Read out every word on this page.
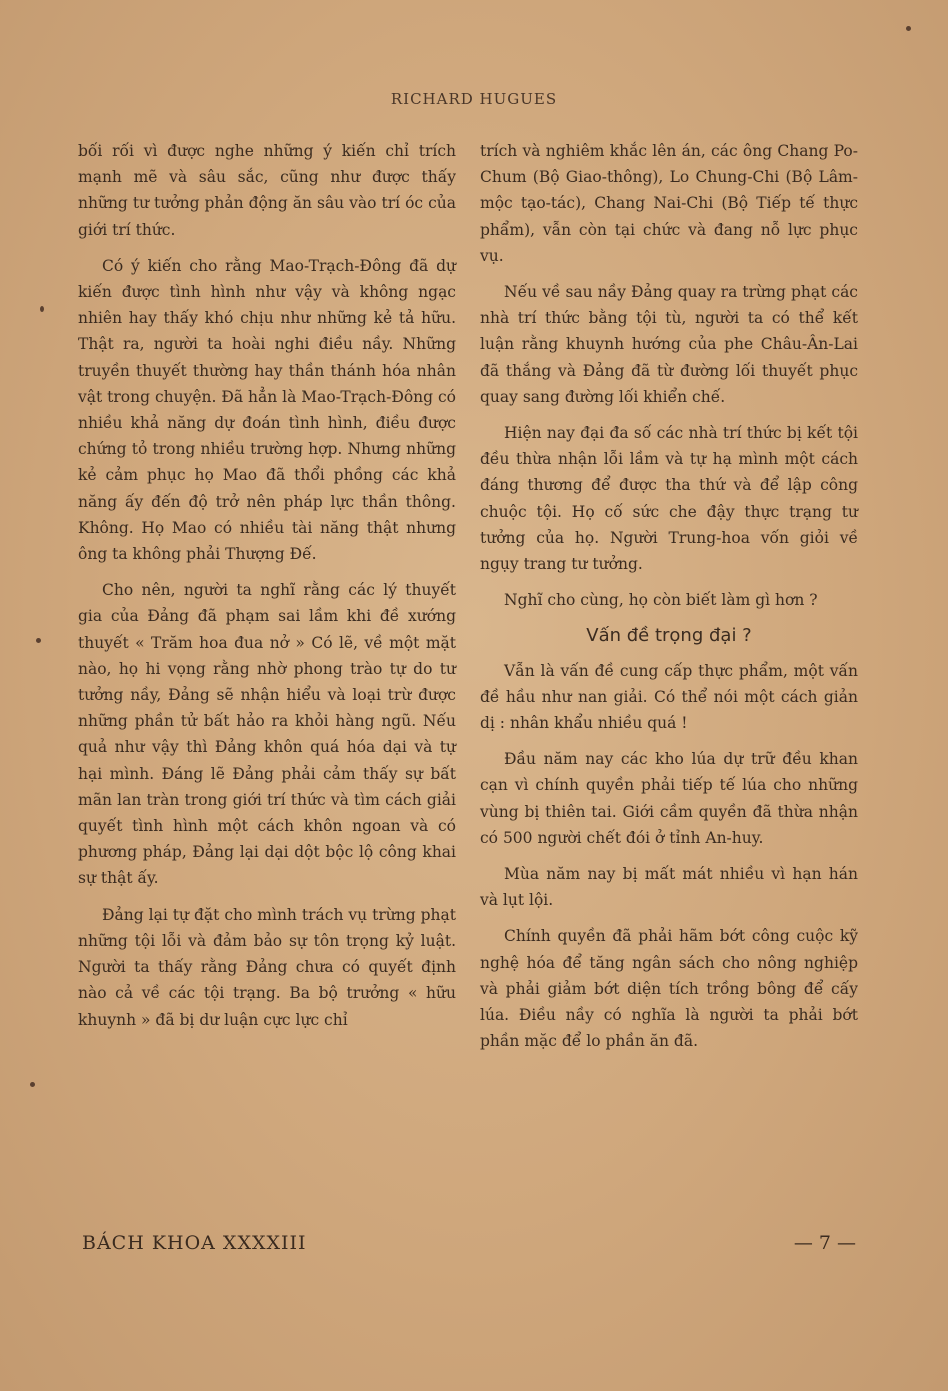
RICHARD HUGUES

bối rối vì được nghe những ý kiến chỉ trích mạnh mẽ và sâu sắc, cũng như được thấy những tư tưởng phản động ăn sâu vào trí óc của giới trí thức.

Có ý kiến cho rằng Mao-Trạch-Đông đã dự kiến được tình hình như vậy và không ngạc nhiên hay thấy khó chịu như những kẻ tả hữu. Thật ra, người ta hoài nghi điều nầy. Những truyền thuyết thường hay thần thánh hóa nhân vật trong chuyện. Đã hẳn là Mao-Trạch-Đông có nhiều khả năng dự đoán tình hình, điều được chứng tỏ trong nhiều trường hợp. Nhưng những kẻ cảm phục họ Mao đã thổi phồng các khả năng ấy đến độ trở nên pháp lực thần thông. Không. Họ Mao có nhiều tài năng thật nhưng ông ta không phải Thượng Đế.

Cho nên, người ta nghĩ rằng các lý thuyết gia của Đảng đã phạm sai lầm khi đề xướng thuyết « Trăm hoa đua nở » Có lẽ, về một mặt nào, họ hi vọng rằng nhờ phong trào tự do tư tưởng nầy, Đảng sẽ nhận hiểu và loại trừ được những phần tử bất hảo ra khỏi hàng ngũ. Nếu quả như vậy thì Đảng khôn quá hóa dại và tự hại mình. Đáng lẽ Đảng phải cảm thấy sự bất mãn lan tràn trong giới trí thức và tìm cách giải quyết tình hình một cách khôn ngoan và có phương pháp, Đảng lại dại dột bộc lộ công khai sự thật ấy.

Đảng lại tự đặt cho mình trách vụ trừng phạt những tội lỗi và đảm bảo sự tôn trọng kỷ luật. Người ta thấy rằng Đảng chưa có quyết định nào cả về các tội trạng. Ba bộ trưởng « hữu khuynh » đã bị dư luận cực lực chỉ

trích và nghiêm khắc lên án, các ông Chang Po-Chum (Bộ Giao-thông), Lo Chung-Chi (Bộ Lâm-mộc tạo-tác), Chang Nai-Chi (Bộ Tiếp tế thực phẩm), vẫn còn tại chức và đang nỗ lực phục vụ.

Nếu về sau nầy Đảng quay ra trừng phạt các nhà trí thức bằng tội tù, người ta có thể kết luận rằng khuynh hướng của phe Châu-Ân-Lai đã thắng và Đảng đã từ đường lối thuyết phục quay sang đường lối khiển chế.

Hiện nay đại đa số các nhà trí thức bị kết tội đều thừa nhận lỗi lầm và tự hạ mình một cách đáng thương để được tha thứ và để lập công chuộc tội. Họ cố sức che đậy thực trạng tư tưởng của họ. Người Trung-hoa vốn giỏi về ngụy trang tư tưởng.

Nghĩ cho cùng, họ còn biết làm gì hơn ?

Vấn đề trọng đại ?

Vẫn là vấn đề cung cấp thực phẩm, một vấn đề hầu như nan giải. Có thể nói một cách giản dị : nhân khẩu nhiều quá !

Đầu năm nay các kho lúa dự trữ đều khan cạn vì chính quyền phải tiếp tế lúa cho những vùng bị thiên tai. Giới cầm quyền đã thừa nhận có 500 người chết đói ở tỉnh An-huy.

Mùa năm nay bị mất mát nhiều vì hạn hán và lụt lội.

Chính quyền đã phải hãm bớt công cuộc kỹ nghệ hóa để tăng ngân sách cho nông nghiệp và phải giảm bớt diện tích trồng bông để cấy lúa. Điều nầy có nghĩa là người ta phải bớt phần mặc để lo phần ăn đã.

BÁCH KHOA XXXXIII	— 7 —
